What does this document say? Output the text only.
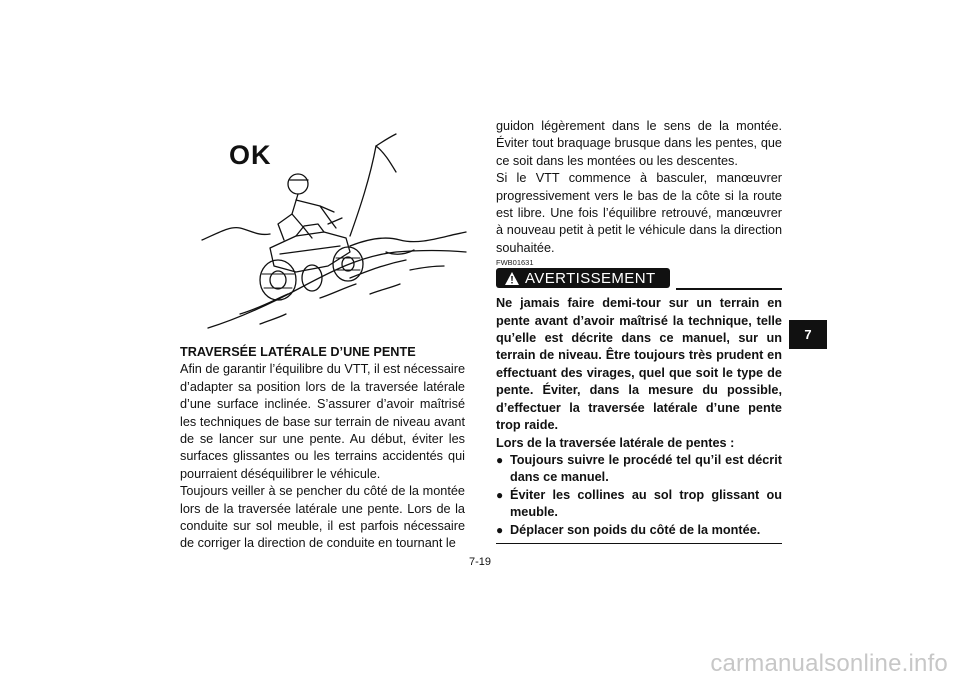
OK
TRAVERSÉE LATÉRALE D’UNE PENTE

Afin de garantir l’équilibre du VTT, il est nécessaire d’adapter sa position lors de la traversée latérale d’une surface inclinée. S’assurer d’avoir maîtrisé les techniques de base sur terrain de niveau avant de se lancer sur une pente. Au début, éviter les surfaces glissantes ou les terrains accidentés qui pourraient déséquilibrer le véhicule.

Toujours veiller à se pencher du côté de la montée lors de la traversée latérale une pente. Lors de la conduite sur sol meuble, il est parfois nécessaire de corriger la direction de conduite en tournant le

guidon légèrement dans le sens de la montée. Éviter tout braquage brusque dans les pentes, que ce soit dans les montées ou les descentes.

Si le VTT commence à basculer, manœuvrer progressivement vers le bas de la côte si la route est libre. Une fois l’équilibre retrouvé, manœuvrer à nouveau petit à petit le véhicule dans la direction souhaitée.

FWB01631
AVERTISSEMENT

Ne jamais faire demi-tour sur un terrain en pente avant d’avoir maîtrisé la technique, telle qu’elle est décrite dans ce manuel, sur un terrain de niveau. Être toujours très prudent en effectuant des virages, quel que soit le type de pente. Éviter, dans la mesure du possible, d’effectuer la traversée latérale d’une pente trop raide.

Lors de la traversée latérale de pentes :

● Toujours suivre le procédé tel qu’il est décrit dans ce manuel.
● Éviter les collines au sol trop glissant ou meuble.
● Déplacer son poids du côté de la montée.
7
7-19
carmanualsonline.info
